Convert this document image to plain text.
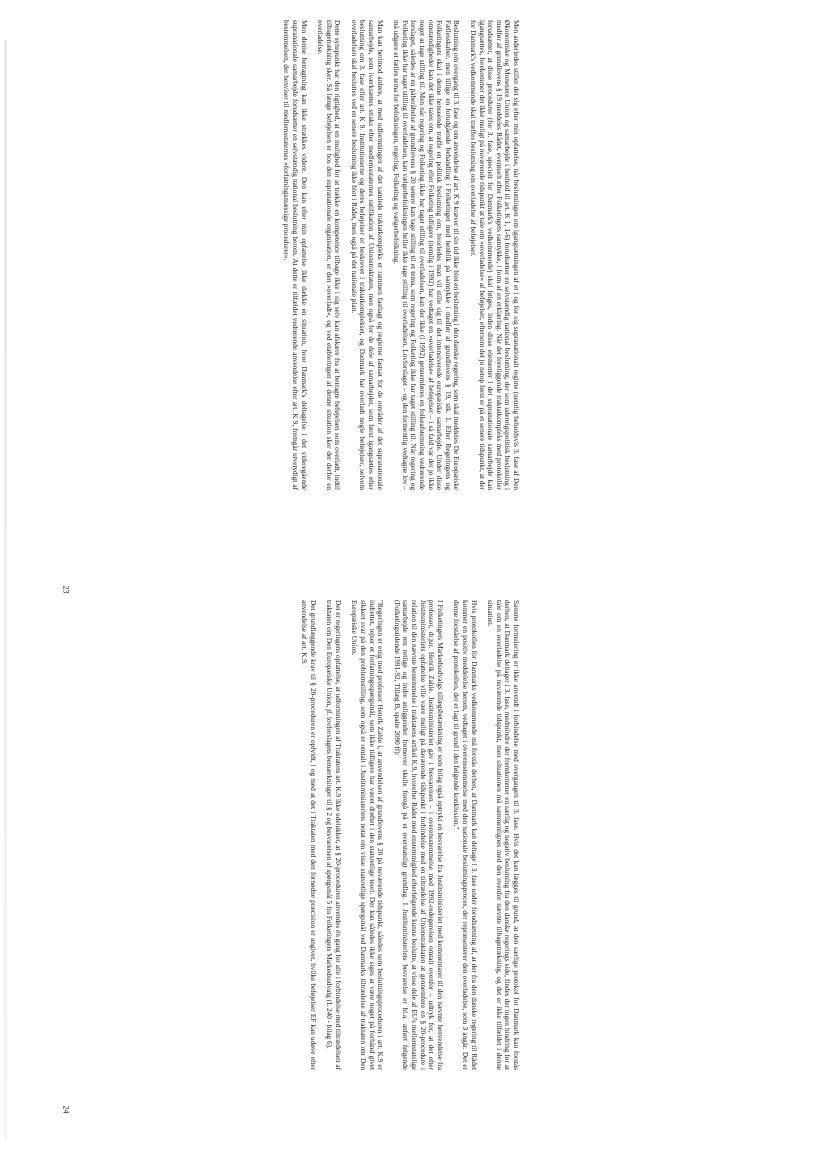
Men anderledes stiller det sig efter min opfattelse, når beslutningen om igangsætningen af et i og for sig supranationalt regime (nemlig beholdsvis 3. fase af Den Økonomiske og Monetære Union og samarbejde i henhold til art. K 1, 1-6) forudsætter en selvstændig national beslutning, der som udenrigspolitisk beslutning i medfør af grundlovens § 19 meddeles Rådet, eventuelt efter Folketingets samtykke, i form af en erklæring. Når det foreliggende traktatkompleks med protokoller forudsætter, at disse procedurer (for 3. fase, specielt for Danmark's vedkommende) skal følges, inden disse elementer i det supranationale samarbejde kan igangsættes, forekommer det ikke muligt på nuværende tidspunkt at tale om »overladelse« af beføjelser, eftersom det jo netop først er på et senere tidspunkt, at der for Danmark's vedkommende skal træffes beslutning om overladelse af beføjelser.

Beslutning om overgang til 3. fase og om anvendelse af art. K 9 kræver til sin tid ikke blot en beslutning i den danske regering, som skal meddeles De Europæiske Fællesskaber, men tillige en forudgående behandling i Folketinget med henblik på samtykke i medfør af grundlovens § 19, stk. 1. Efter Regeringens og Folketingets skal i denne henseende træffe en politisk beslutning om, hvorledes man vil stille sig til det intensiverede europæiske samarbejde. Under disse omstændigheder kan det ikke tales om, at regering eller Folketing tidligere (nemlig i 1992) har vedtaget en »overladelse« af beføjelser – i så fald var der jo ikke noget at tage stilling til. Men når regering og Folketing ikke har taget stilling til overladelsen, kan der ikke (i 1992) gennemføres en folkeafstemning vedrørende forslaget, således at en påberåbelse af grundlovens § 20 senere kan tage stilling til et tema, som regering og Folketing ikke har taget stilling til. Når regering og Folketing ikke har taget stilling til overladelsen, kan vælgerbefolkningen heller ikke tage stilling til overladelsen. Lovforslaget – og den formentlig vedtagne lov – må udgøre et fælles tema for befolkningen, regering, Folketing og vælgerbefolkning.

Man kan herimod anføre, at med udformningen af det samlede traktatkompleks er rammen fastlagt og reglerne fastsat for de områder af det supranationale samarbejde, som iværksættes straks efter medlemsstaternes ratifikation af Unionstraktaten, men også for de dele af samarbejdet, som først igangsættes efter beslutning om 3. fase eller art. K 9. Institutionerne og deres beføjelser er beskrevet i traktatkomplekset, og Danmark har overladt nogle beføjelser, selvom overladelsen skal besluttes ved en senere beslutning ikke blot i Rådet, men også på det nationale plan.

Dette synspunkt har den rigtighed, at en mulighed for at trække en kompetence tilbage ikke i sig selv kan afskære fra at betragte beføjelsen som overladt, indtil tilbagetrækning sker. Så længe beføjelsen er hos den supranationale organisation, er den »overladt«, og ved etableringen af denne situation sker der derfor en overladelse.

Men denne betragtning kan ikke strækkes videre. Den kan efter min opfattelse ikke dække en situation, hvor Danmark's deltagelse i det videregående supranationale samarbejde forudsætter en selvstændig national beslutning herom. At dette er tilfældet vedrørende anvendelse efter art. K 9, fremgår utvetydigt af bestemmelsen, der henviser til medlemsstaternes »forfatningsmæssige procedurer«.

23

Samme formulering er ikke anvendt i forbindelse med overgangen til 3. fase. Hvis det kan lægges til grund, at den særlige protokol for Danmark kan forstås derhen, at Danmark deltager i 3. fase, medmindre der fremkommer en særlig og negativ beslutning fra den danske regerings side, findes der ingen hindring for at tale om en overladelse på nuværende tidspunkt, men situationen må sammenlignes med den ovenfor nævnte tilbagetrækning, og det er ikke tilfældet i denne situation.

Hvis protokollen for Danmarks vedkommende må forstås derhen, at Danmark kan deltage i 3. fase under forudsætning af, at der fra den danske regering til Rådet kommer en positiv meddelelse herom, vedtaget i overensstemmelse med den nationale beslutningsproces, der repræsenterer den overladelse, som 3 angår. Det er denne forståelse af protokollen, der er lagt til grund i den følgende konklusion."

I Folketingets Markedsudvalgs tillægsbetænkning er som bilag også optrykt en besvarelse fra Justitsministeriet med kommentarer til den nævnte henvendelse fra professor, dr.jur. Henrik Zahle. Justitsministeriet gav i besvarelsen – i overensstemmelse med 1992-redegørelsen omtalt ovenfor – udtryk for, at det efter Justitsministeriets opfattelse ville være muligt på daværende tidspunkt i forbindelse med en tiltrædelse af Unionstraktaten at gennemføre en § 20-procedure i relation til den nævnte bestemmelse i traktatens artikel K.9, hvorefter Rådet med enstemmighed efterfølgende kunne beslutte, at visse dele af EU's mellemstatslige samarbejde om retlige og indre anliggender fremover skulle foregå på et overstatsligt grundlag. I Justitsministeriets besvarelse er bl.a. anført følgende (Folketingstidende 1991-92, Tillæg B, spalte 2090 ff):

"Regeringen er enig med professor Henrik Zahle i, at anvendelsen af grundlovens § 20 på nuværende tidspunkt, således som beslutningsproceduren i art. K.9 er indrettet, rejser et forfatningsspørgsmål, som ikke tidligere har været drøftet i den statsretlige teori. Der kan således ikke siges at være noget på forhånd givet sikkert svar på den problemstilling, som også er omtalt i Justitsministeriets notat om visse statsretlige spørgsmål ved Danmarks tiltrædelse af traktaten om Den Europæiske Union.

Det er regeringens opfattelse, at udformningen af Traktatens art. K.9 ikke udelukker, at § 20-proceduren anvendes én gang for alle i forbindelse med tiltrædelsen af traktaten om Den Europæiske Union, jf. lovforslagets bemærkninger til § 2 og besvarelsen af spørgsmål 5 fra Folketingets Markedsudvalg (L 240 - bilag 6).

Det grundlæggende krav til § 20-proceduren er opfyldt, i og med at det i Traktaten med den fornødne præcision er angivet, hvilke beføjelser EF kan udøve efter anvendelse af art. K.9.

24
